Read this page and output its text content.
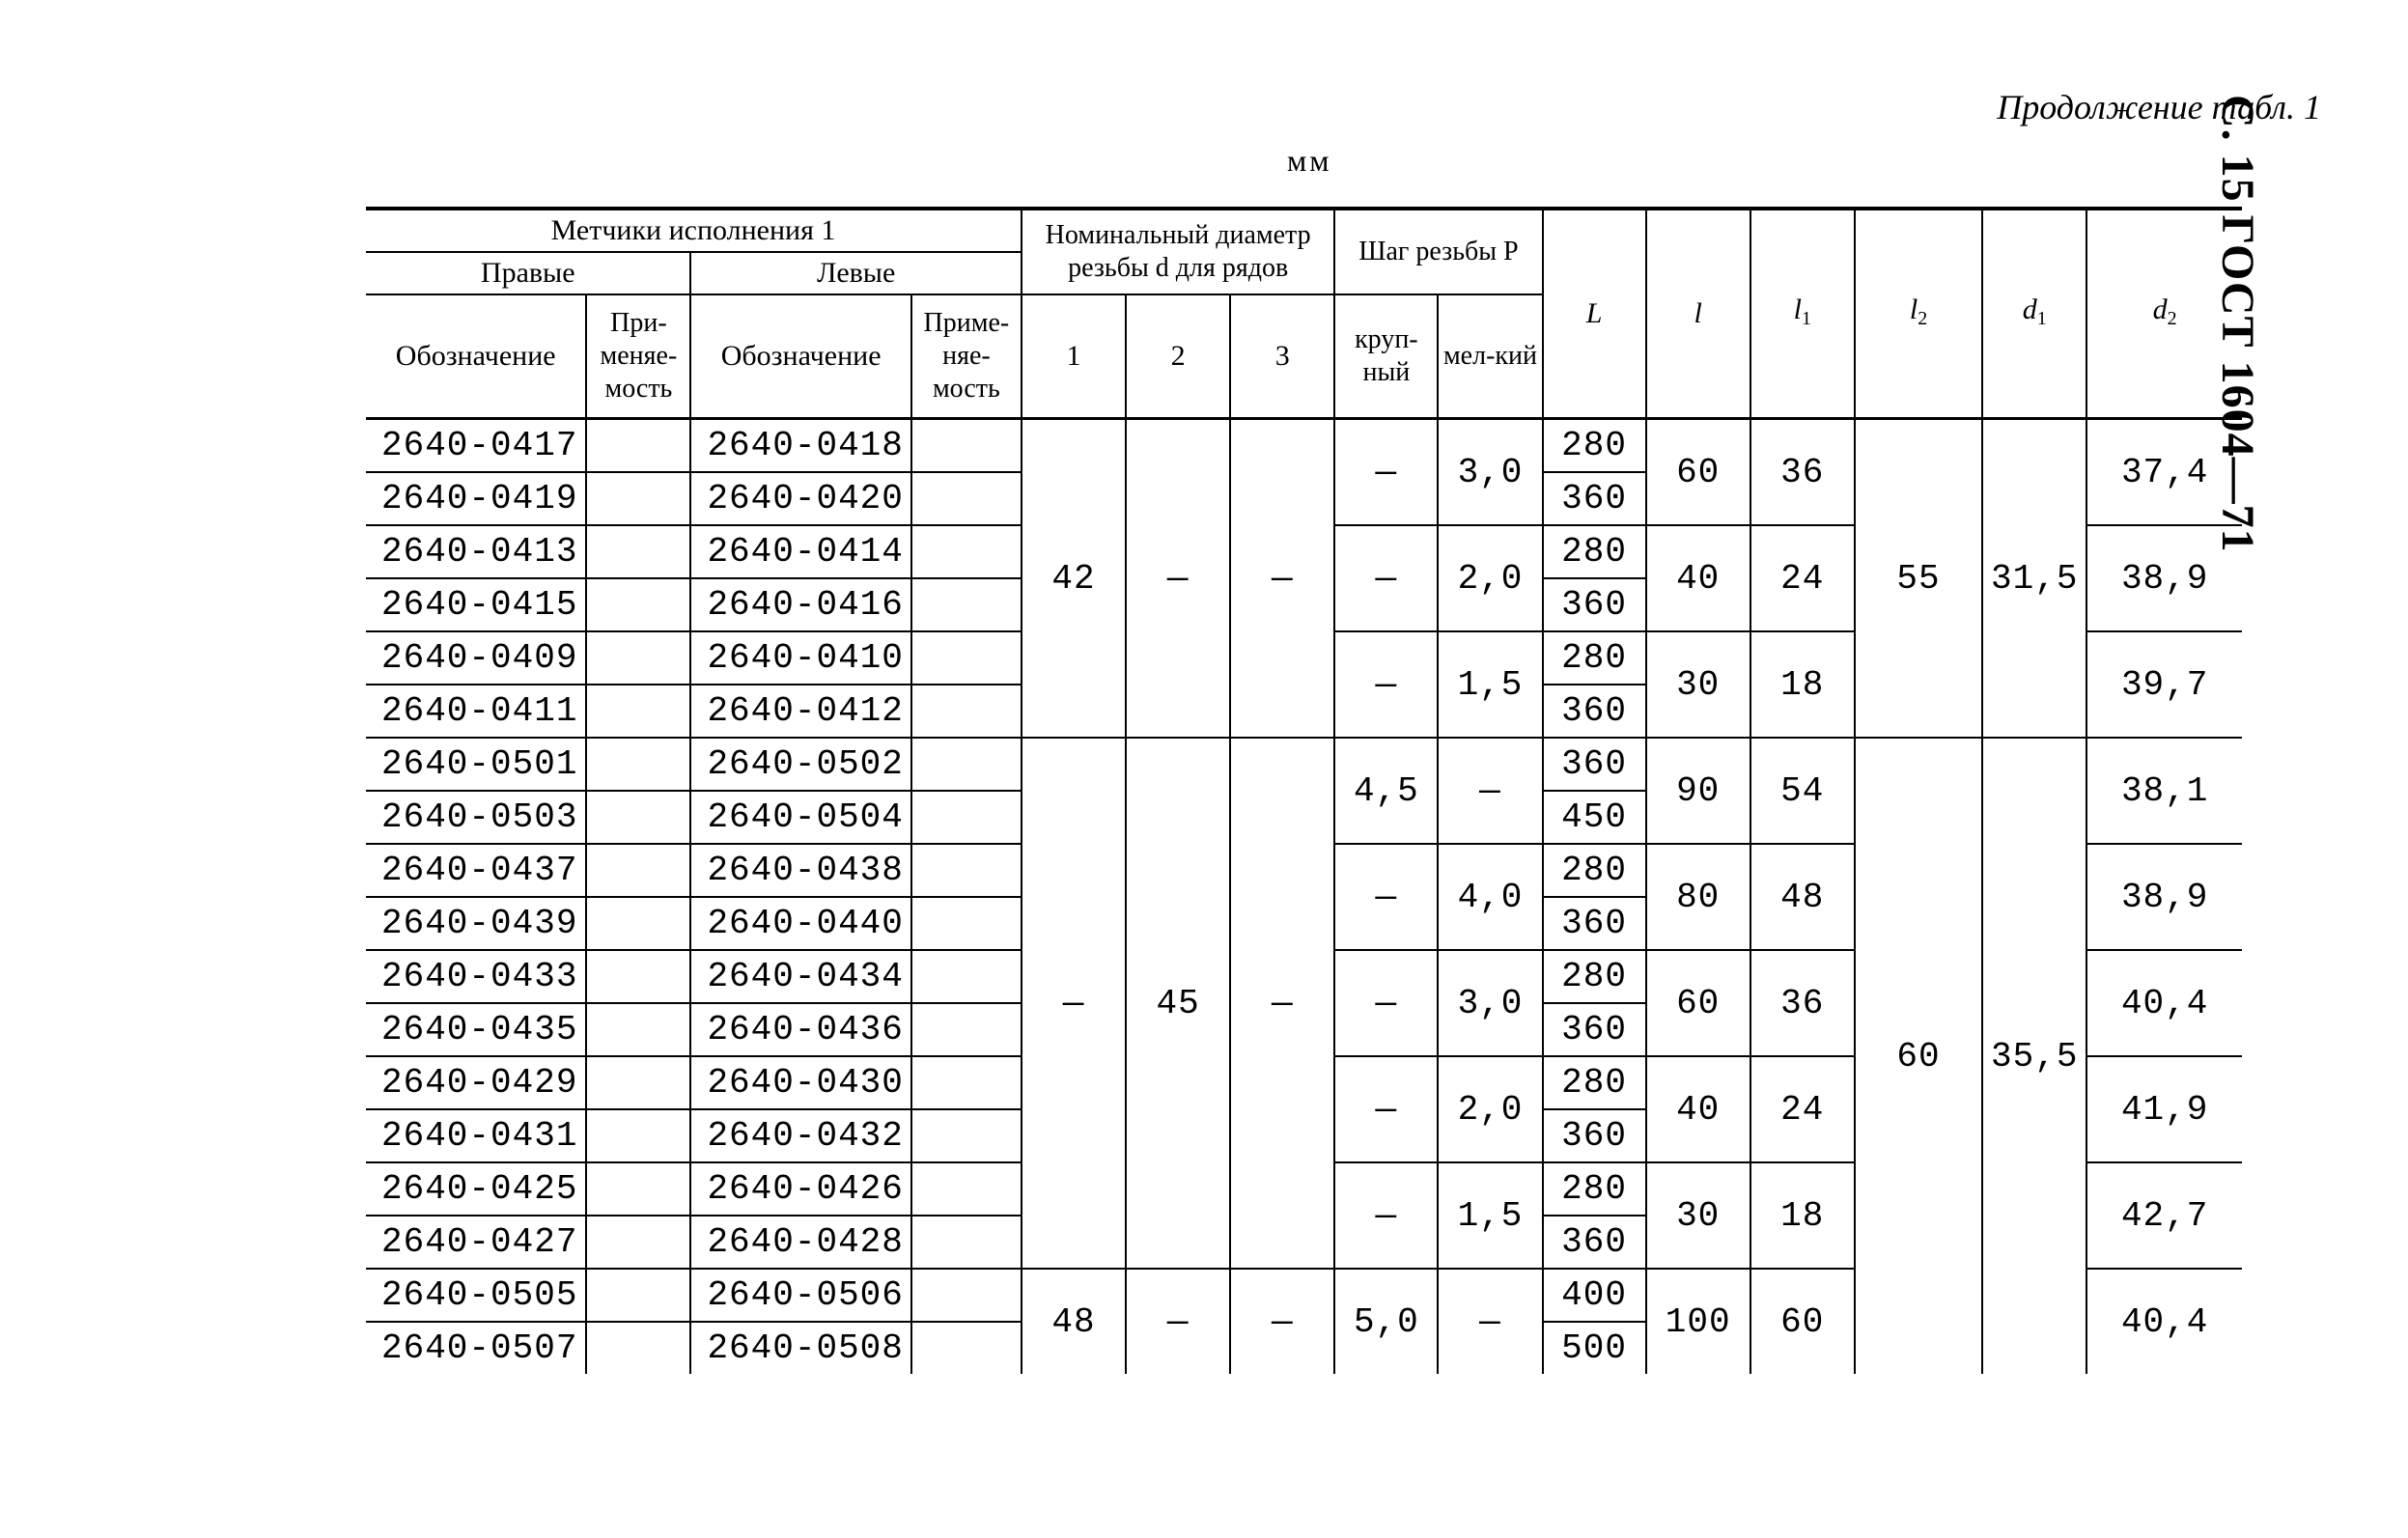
Продолжение табл. 1
мм	С. 15 ГОСТ 1604—71
Метчики исполнения 1				Номинальный диаметр резьбы d для рядов			Шаг резьбы P		L	l	$l_1$	$l_2$	$d_1$	$d_2$
Правые		Левые												
Обозначение	При-меняе-мость	Обозначение	Приме-няе-мость	1	2	3	круп-ный	мел-кий						
2640-0417		2640-0418		42	—	—	—	3,0	280	60	36	55	31,5	37,4
2640-0419		2640-0420							360					
2640-0413		2640-0414					—	2,0	280	40	24			38,9
2640-0415		2640-0416							360					
2640-0409		2640-0410					—	1,5	280	30	18			39,7
2640-0411		2640-0412							360					
2640-0501		2640-0502		—	45	—	4,5	—	360	90	54	60	35,5	38,1
2640-0503		2640-0504							450					
2640-0437		2640-0438					—	4,0	280	80	48			38,9
2640-0439		2640-0440							360					
2640-0433		2640-0434					—	3,0	280	60	36			40,4
2640-0435		2640-0436							360					
2640-0429		2640-0430					—	2,0	280	40	24			41,9
2640-0431		2640-0432							360					
2640-0425		2640-0426					—	1,5	280	30	18			42,7
2640-0427		2640-0428							360					
2640-0505		2640-0506		48	—	—	5,0	—	400	100	60			40,4
2640-0507		2640-0508							500					
